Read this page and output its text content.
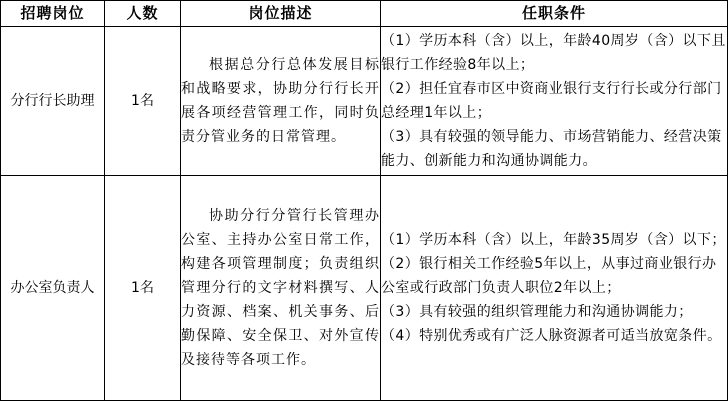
招聘岗位	人数	岗位描述	任职条件
分行行长助理	1名	根据总分行总体发展目标和战略要求，协助分行行长开展各项经营管理工作，同时负责分管业务的日常管理。	（1）学历本科（含）以上，年龄40周岁（含）以下且银行工作经验8年以上；
（2）担任宜春市区中资商业银行支行行长或分行部门总经理1年以上；
（3）具有较强的领导能力、市场营销能力、经营决策能力、创新能力和沟通协调能力。

办公室负责人	1名	协助分行分管行长管理办公室、主持办公室日常工作，构建各项管理制度；负责组织管理分行的文字材料撰写、人力资源、档案、机关事务、后勤保障、安全保卫、对外宣传及接待等各项工作。	（1）学历本科（含）以上，年龄35周岁（含）以下；
（2）银行相关工作经验5年以上，从事过商业银行办公室或行政部门负责人职位2年以上；
（3）具有较强的组织管理能力和沟通协调能力；
（4）特别优秀或有广泛人脉资源者可适当放宽条件。
